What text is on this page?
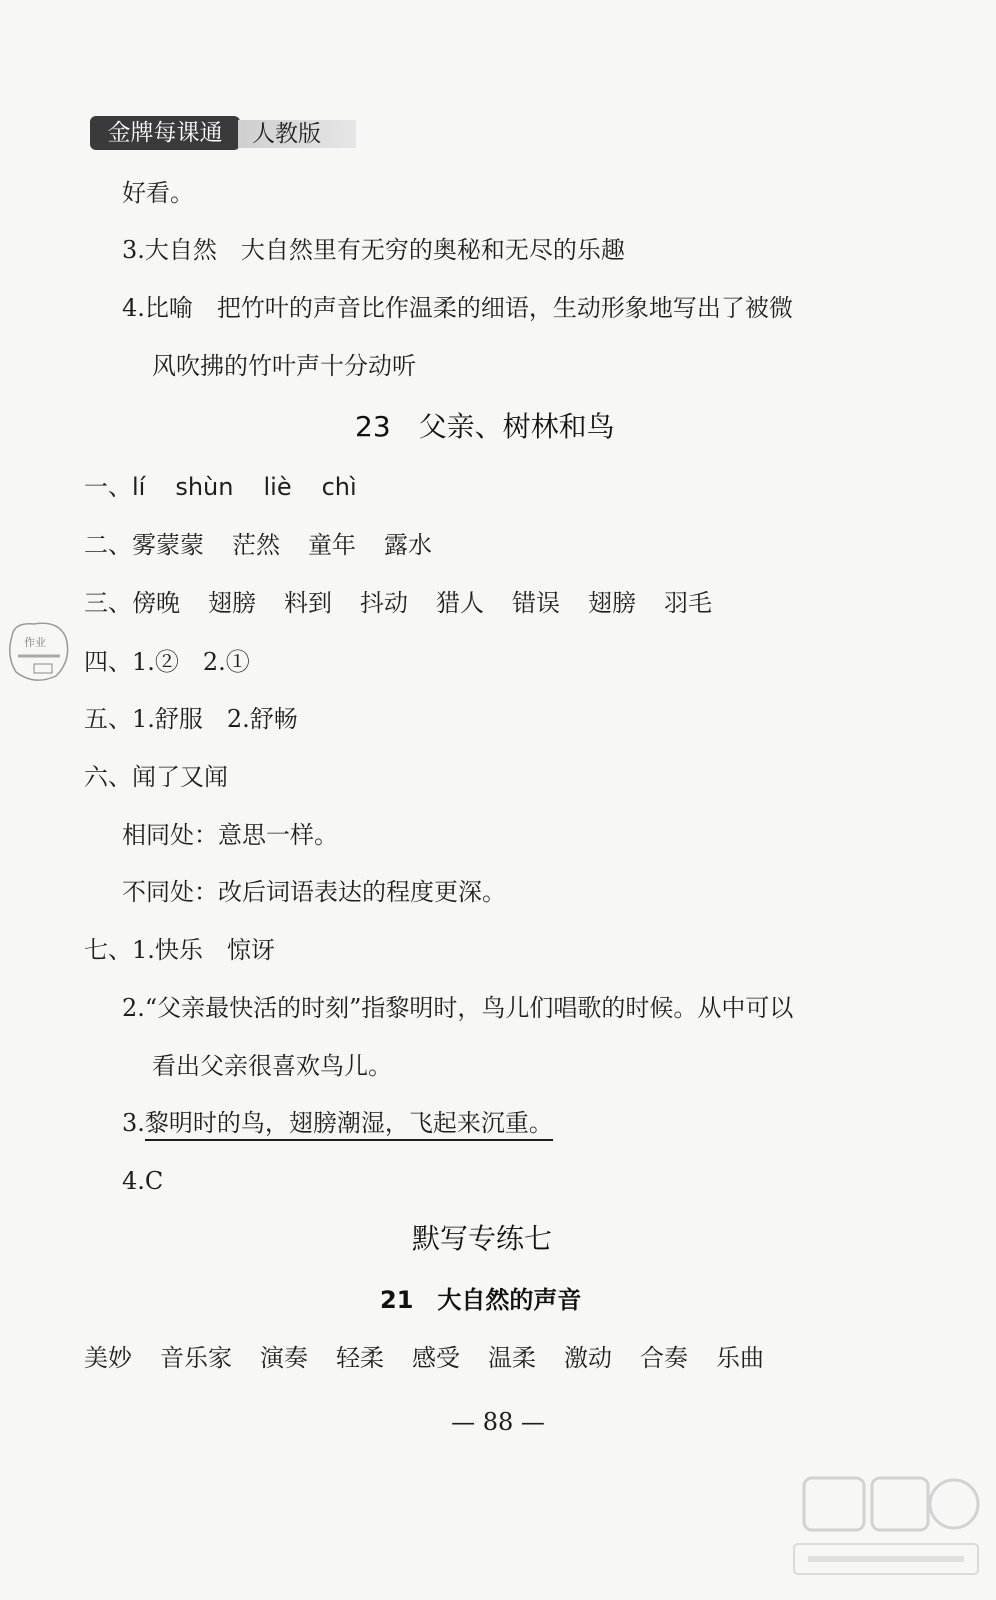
金牌每课通	人教版
好看。
3.大自然　大自然里有无穷的奥秘和无尽的乐趣
4.比喻　把竹叶的声音比作温柔的细语，生动形象地写出了被微
风吹拂的竹叶声十分动听
23　父亲、树林和鸟
一、lí shùn liè chì
二、雾蒙蒙 茫然 童年 露水
三、傍晚 翅膀 料到 抖动 猎人 错误 翅膀 羽毛
四、1.②　2.①
五、1.舒服　2.舒畅
六、闻了又闻
相同处：意思一样。
不同处：改后词语表达的程度更深。
七、1.快乐　惊讶
2.“父亲最快活的时刻”指黎明时，鸟儿们唱歌的时候。从中可以
看出父亲很喜欢鸟儿。
3.黎明时的鸟，翅膀潮湿，飞起来沉重。
4.C
默写专练七
21　大自然的声音
美妙 音乐家 演奏 轻柔 感受 温柔 激动 合奏 乐曲
— 88 —
作业
